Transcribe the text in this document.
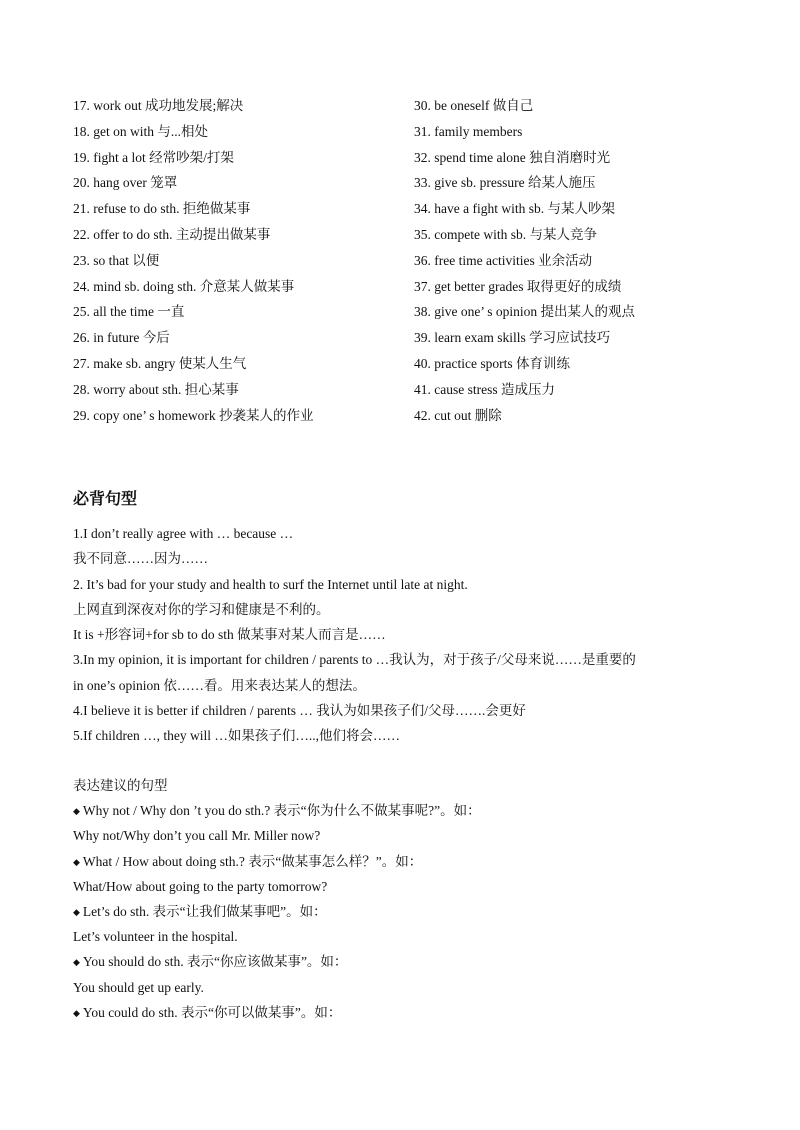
17. work out 成功地发展;解决
18. get on with 与...相处
19. fight a lot 经常吵架/打架
20. hang over 笼罩
21. refuse to do sth. 拒绝做某事
22. offer to do sth. 主动提出做某事
23. so that 以便
24. mind sb. doing sth. 介意某人做某事
25. all the time 一直
26. in future 今后
27. make sb. angry 使某人生气
28. worry about sth. 担心某事
29. copy one’ s homework 抄袭某人的作业
30. be oneself 做自己
31. family members
32. spend time alone 独自消磨时光
33. give sb. pressure 给某人施压
34. have a fight with sb. 与某人吵架
35. compete with sb. 与某人竞争
36. free time activities 业余活动
37. get better grades 取得更好的成绩
38. give one’ s opinion 提出某人的观点
39. learn exam skills 学习应试技巧
40. practice sports 体育训练
41. cause stress 造成压力
42. cut out 删除
必背句型
1.I don’t really agree with … because …
我不同意……因为……
2. It’s bad for your study and health to surf the Internet until late at night.
上网直到深夜对你的学习和健康是不利的。
It is +形容词+for sb to do sth 做某事对某人而言是……
3.In my opinion, it is important for children / parents to …我认为，对于孩子/父母来说……是重要的
in one’s opinion 依……看。用来表达某人的想法。
4.I believe it is better if children / parents … 我认为如果孩子们/父母…….会更好
5.If children …, they will …如果孩子们…..,他们将会……
表达建议的句型
◆ Why not / Why don ’t you do sth.? 表示“你为什么不做某事呢?”。如：
Why not/Why don’t you call Mr. Miller now?
◆ What / How about doing sth.? 表示“做某事怎么样？”。如：
What/How about going to the party tomorrow?
◆ Let’s do sth. 表示“让我们做某事吧”。如：
Let’s volunteer in the hospital.
◆ You should do sth. 表示“你应该做某事”。如：
You should get up early.
◆ You could do sth. 表示“你可以做某事”。如：
